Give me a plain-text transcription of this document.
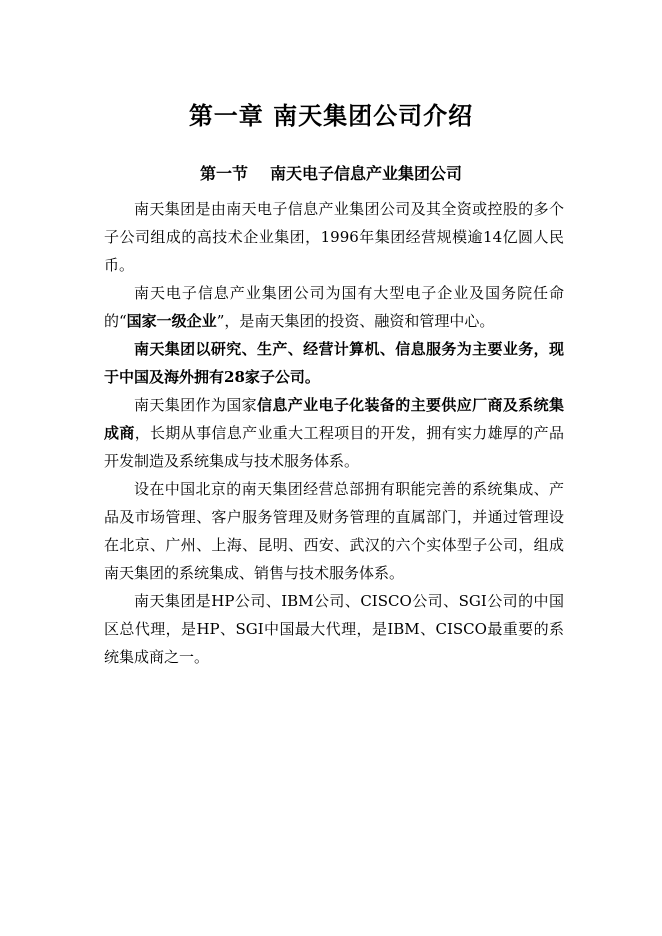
第一章 南天集团公司介绍
第一节 南天电子信息产业集团公司

南天集团是由南天电子信息产业集团公司及其全资或控股的多个子公司组成的高技术企业集团，1996年集团经营规模逾14亿圆人民币。

南天电子信息产业集团公司为国有大型电子企业及国务院任命的“国家一级企业”，是南天集团的投资、融资和管理中心。

南天集团以研究、生产、经营计算机、信息服务为主要业务，现于中国及海外拥有28家子公司。

南天集团作为国家信息产业电子化装备的主要供应厂商及系统集成商，长期从事信息产业重大工程项目的开发，拥有实力雄厚的产品开发制造及系统集成与技术服务体系。

设在中国北京的南天集团经营总部拥有职能完善的系统集成、产品及市场管理、客户服务管理及财务管理的直属部门，并通过管理设在北京、广州、上海、昆明、西安、武汉的六个实体型子公司，组成南天集团的系统集成、销售与技术服务体系。

南天集团是HP公司、IBM公司、CISCO公司、SGI公司的中国区总代理，是HP、SGI中国最大代理，是IBM、CISCO最重要的系统集成商之一。
